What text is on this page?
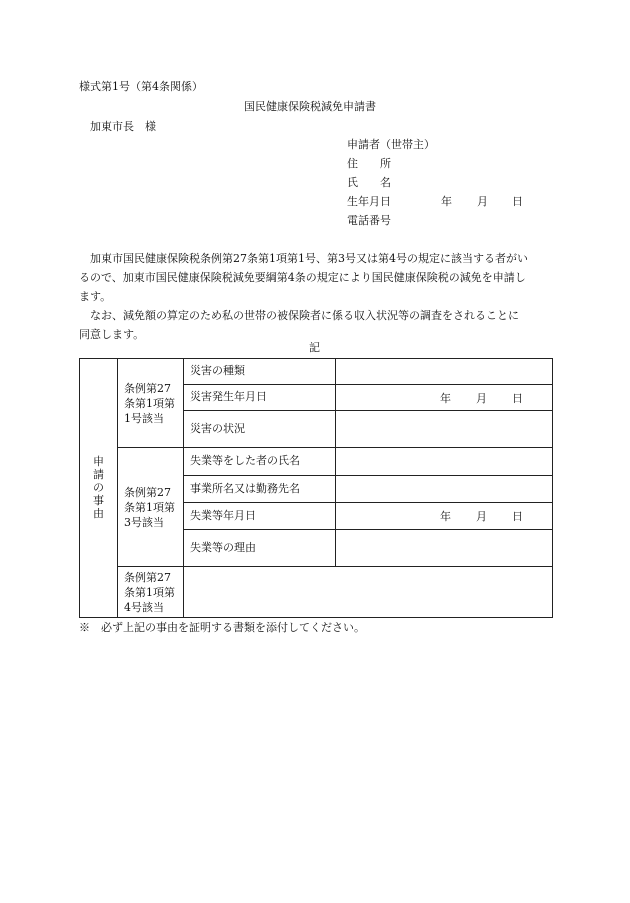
様式第1号（第4条関係）
国民健康保険税減免申請書
加東市長　様
申請者（世帯主）
住　　所
氏　　名
生年月日	年 月 日
電話番号
加東市国民健康保険税条例第27条第1項第1号、第3号又は第4号の規定に該当する者がい
るので、加東市国民健康保険税減免要綱第4条の規定により国民健康保険税の減免を申請し
ます。
なお、減免額の算定のため私の世帯の被保険者に係る収入状況等の調査をされることに
同意します。
記
申請の事由	条例第27
条第1項第
1号該当	災害の種類	
		災害発生年月日	年 月 日

		災害の状況	

	条例第27
条第1項第
3号該当	失業等をした者の氏名	
		事業所名又は勤務先名	
		失業等年月日	年 月 日

		失業等の理由	

	条例第27
条第1項第
4号該当		

※　必ず上記の事由を証明する書類を添付してください。
